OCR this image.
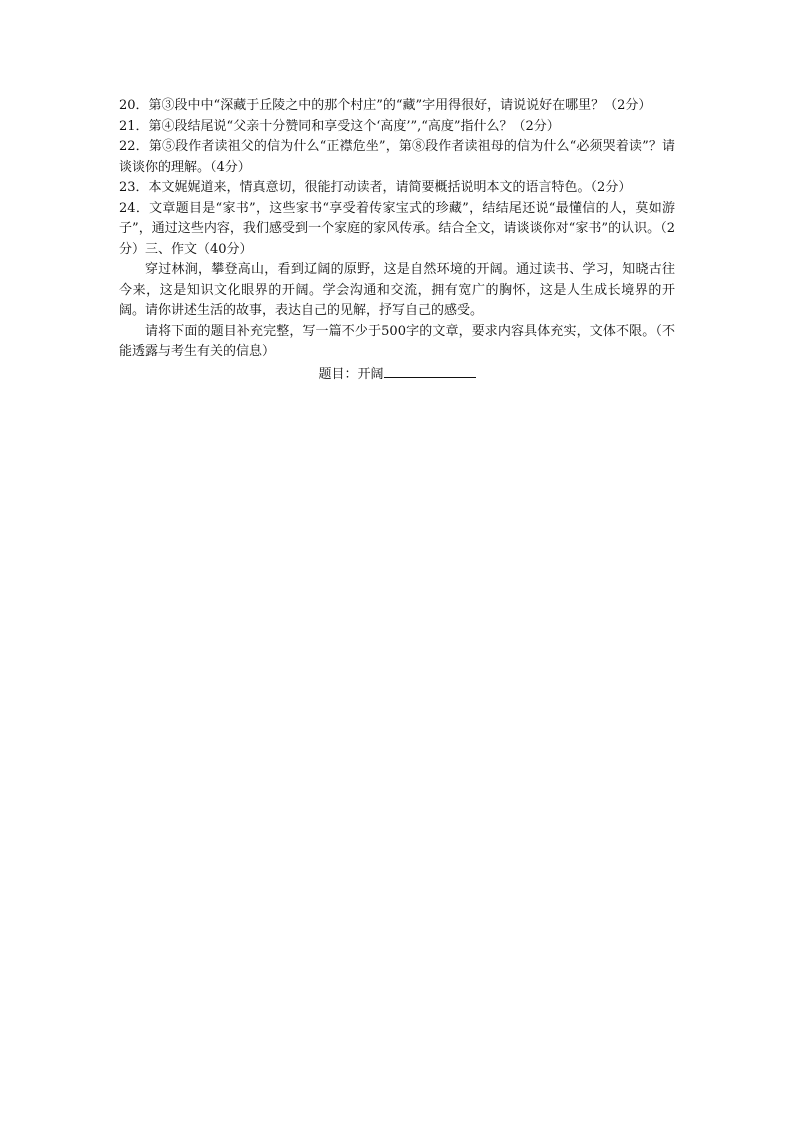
20．第③段中中“深藏于丘陵之中的那个村庄”的“藏”字用得很好，请说说好在哪里？（2分）

21．第④段结尾说“父亲十分赞同和享受这个‘高度’”,“高度”指什么？（2分）

22．第⑤段作者读祖父的信为什么“正襟危坐”，第⑧段作者读祖母的信为什么“必须哭着读”？请谈谈你的理解。（4分）

23．本文娓娓道来，情真意切，很能打动读者，请简要概括说明本文的语言特色。（2分）

24．文章题目是“家书”，这些家书“享受着传家宝式的珍藏”，结结尾还说“最懂信的人，莫如游子”，通过这些内容，我们感受到一个家庭的家风传承。结合全文，请谈谈你对“家书”的认识。（2分）三、作文（40分）

穿过林涧，攀登高山，看到辽阔的原野，这是自然环境的开阔。通过读书、学习，知晓古往今来，这是知识文化眼界的开阔。学会沟通和交流，拥有宽广的胸怀，这是人生成长境界的开阔。请你讲述生活的故事，表达自己的见解，抒写自己的感受。

请将下面的题目补充完整，写一篇不少于500字的文章，要求内容具体充实，文体不限。（不能透露与考生有关的信息）

题目：开阔
